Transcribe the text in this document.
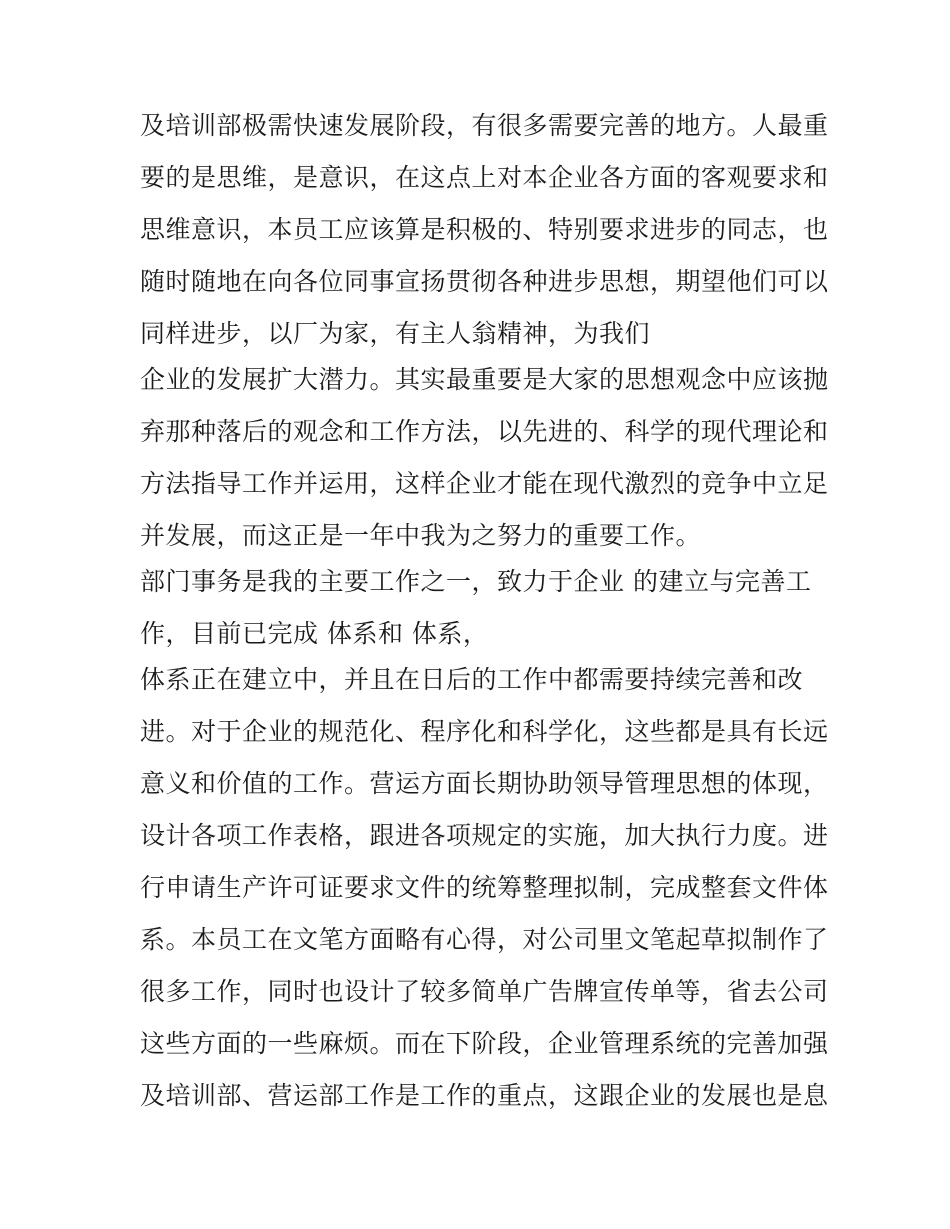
及培训部极需快速发展阶段，有很多需要完善的地方。人最重
要的是思维，是意识，在这点上对本企业各方面的客观要求和
思维意识，本员工应该算是积极的、特别要求进步的同志，也
随时随地在向各位同事宣扬贯彻各种进步思想，期望他们可以
同样进步，以厂为家，有主人翁精神，为我们
企业的发展扩大潜力。其实最重要是大家的思想观念中应该抛
弃那种落后的观念和工作方法，以先进的、科学的现代理论和
方法指导工作并运用，这样企业才能在现代激烈的竞争中立足
并发展，而这正是一年中我为之努力的重要工作。
部门事务是我的主要工作之一，致力于企业 的建立与完善工
作，目前已完成 体系和 体系，
体系正在建立中，并且在日后的工作中都需要持续完善和改
进。对于企业的规范化、程序化和科学化，这些都是具有长远
意义和价值的工作。营运方面长期协助领导管理思想的体现，
设计各项工作表格，跟进各项规定的实施，加大执行力度。进
行申请生产许可证要求文件的统筹整理拟制，完成整套文件体
系。本员工在文笔方面略有心得，对公司里文笔起草拟制作了
很多工作，同时也设计了较多简单广告牌宣传单等，省去公司
这些方面的一些麻烦。而在下阶段，企业管理系统的完善加强
及培训部、营运部工作是工作的重点，这跟企业的发展也是息
